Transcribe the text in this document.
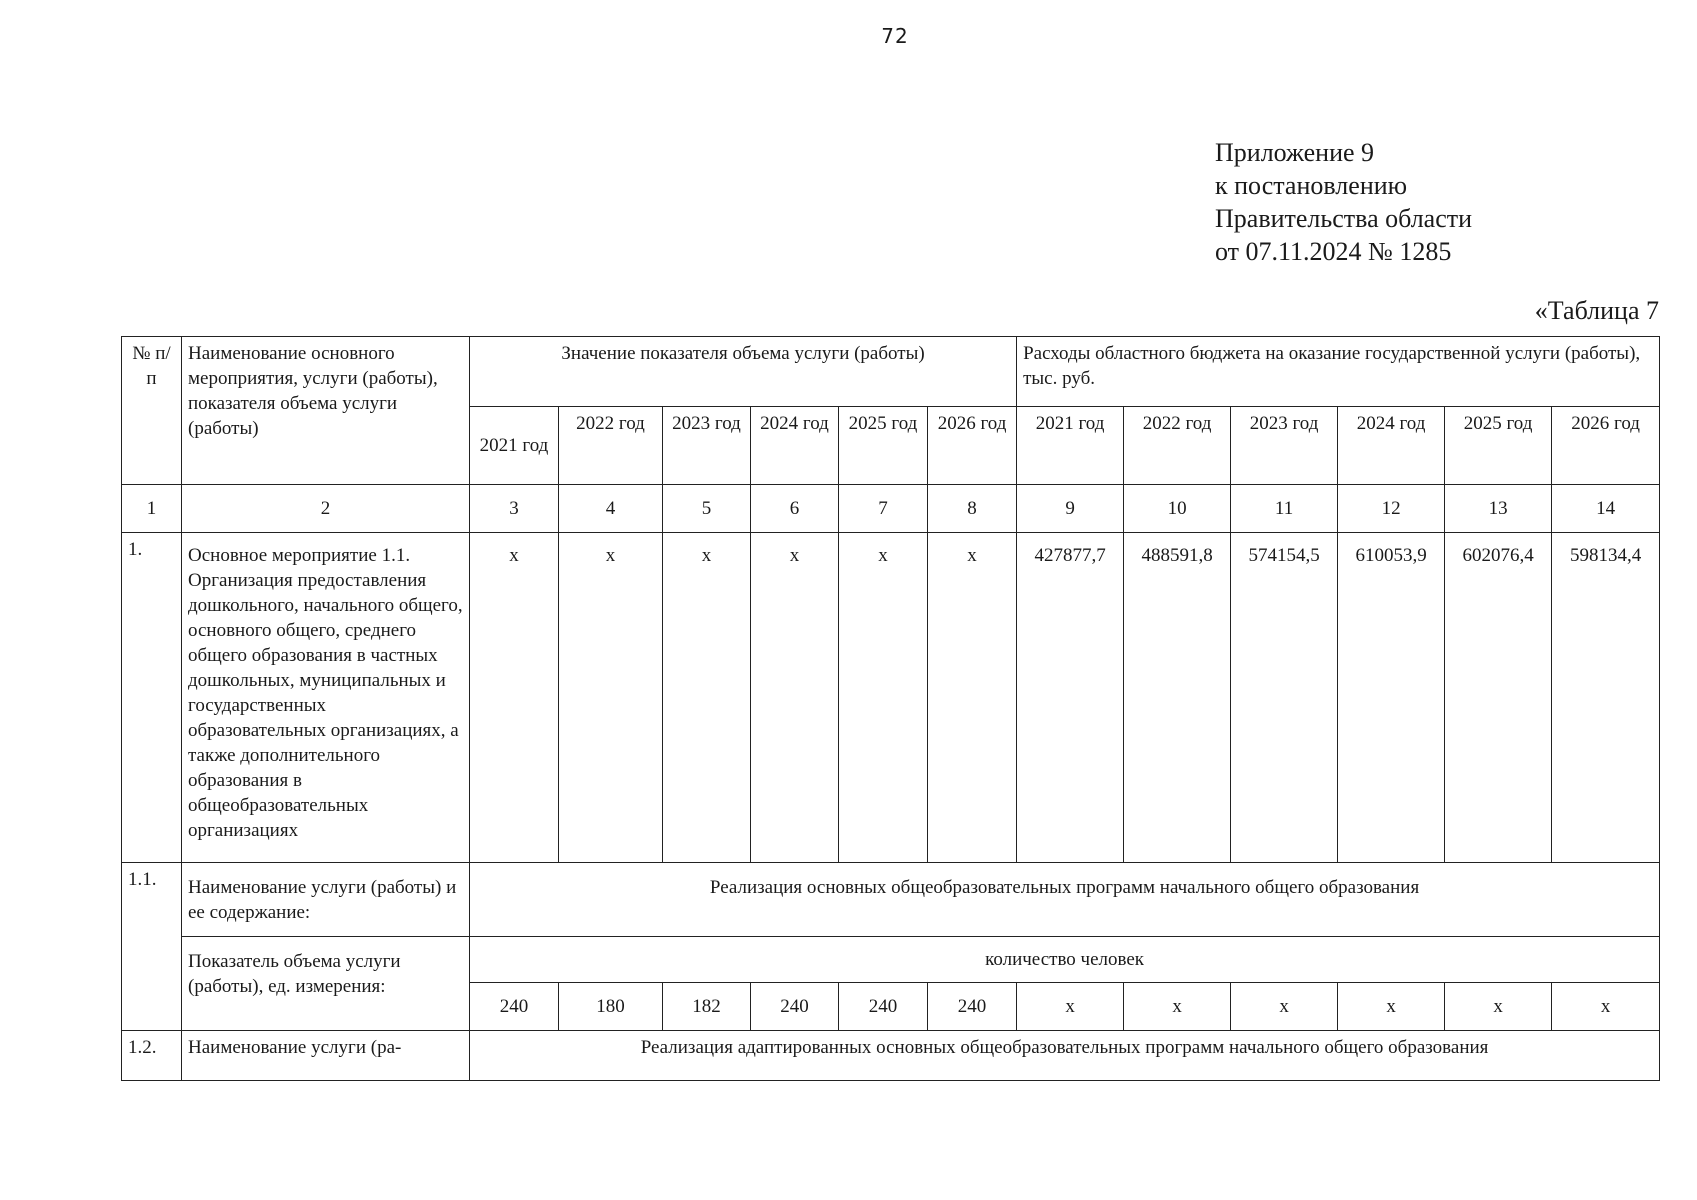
72
Приложение 9
к постановлению
Правительства области
от 07.11.2024 № 1285
«Таблица 7
№ п/п	Наименование основного мероприятия, услуги (работы), показателя объема услуги (работы)	Значение показателя объема услуги (работы)						Расходы областного бюджета на оказание государственной услуги (работы), тыс. руб.					
		2021 год	2022 год	2023 год	2024 год	2025 год	2026 год	2021 год	2022 год	2023 год	2024 год	2025 год	2026 год
1	2	3	4	5	6	7	8	9	10	11	12	13	14
1.	Основное мероприятие 1.1. Организация предоставления дошкольного, начального общего, основного общего, среднего общего образования в частных дошкольных, муниципальных и государственных образовательных организациях, а также дополнительного образования в общеобразовательных организациях	x	x	x	x	x	x	427877,7	488591,8	574154,5	610053,9	602076,4	598134,4
1.1.	Наименование услуги (работы) и ее содержание:	Реализация основных общеобразовательных программ начального общего образования											
	Показатель объема услуги (работы), ед. измерения:	количество человек											
		240	180	182	240	240	240	x	x	x	x	x	x
1.2.	Наименование услуги (ра-	Реализация адаптированных основных общеобразовательных программ начального общего образования											
